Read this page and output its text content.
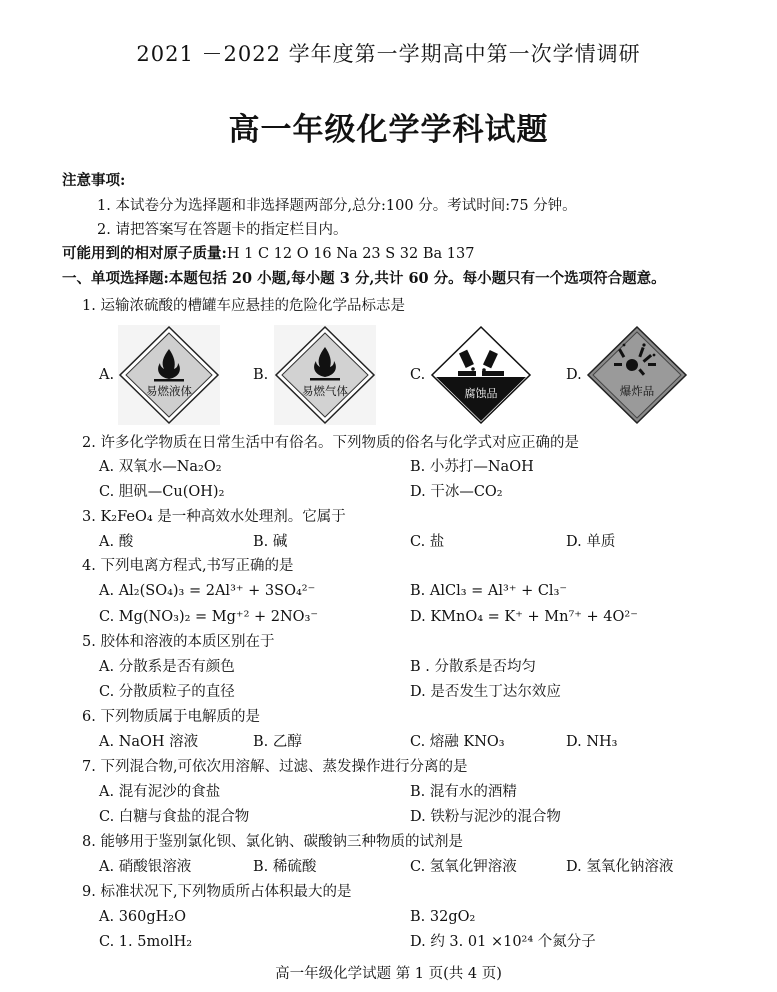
2021 －2022 学年度第一学期高中第一次学情调研
高一年级化学学科试题
注意事项:
1. 本试卷分为选择题和非选择题两部分,总分:100 分。考试时间:75 分钟。
2. 请把答案写在答题卡的指定栏目内。
可能用到的相对原子质量:H 1 C 12 O 16 Na 23 S 32 Ba 137
一、单项选择题:本题包括 20 小题,每小题 3 分,共计 60 分。每小题只有一个选项符合题意。
1. 运输浓硫酸的槽罐车应悬挂的危险化学品标志是
A.
易燃液体
B.
易燃气体
C.
腐蚀品
D.
爆炸品
2. 许多化学物质在日常生活中有俗名。下列物质的俗名与化学式对应正确的是
A. 双氧水—Na₂O₂	B. 小苏打—NaOH
C. 胆矾—Cu(OH)₂	D. 干冰—CO₂
3. K₂FeO₄ 是一种高效水处理剂。它属于
A. 酸	B. 碱	C. 盐	D. 单质
4. 下列电离方程式,书写正确的是
A. Al₂(SO₄)₃ = 2Al³⁺ + 3SO₄²⁻	B. AlCl₃ = Al³⁺ + Cl₃⁻
C. Mg(NO₃)₂ = Mg⁺² + 2NO₃⁻	D. KMnO₄ = K⁺ + Mn⁷⁺ + 4O²⁻
5. 胶体和溶液的本质区别在于
A. 分散系是否有颜色	B . 分散系是否均匀
C. 分散质粒子的直径	D. 是否发生丁达尔效应
6. 下列物质属于电解质的是
A. NaOH 溶液	B. 乙醇	C. 熔融 KNO₃	D. NH₃
7. 下列混合物,可依次用溶解、过滤、蒸发操作进行分离的是
A. 混有泥沙的食盐	B. 混有水的酒精
C. 白糖与食盐的混合物	D. 铁粉与泥沙的混合物
8. 能够用于鉴别氯化钡、氯化钠、碳酸钠三种物质的试剂是
A. 硝酸银溶液	B. 稀硫酸	C. 氢氧化钾溶液	D. 氢氧化钠溶液
9. 标准状况下,下列物质所占体积最大的是
A. 360gH₂O	B. 32gO₂
C. 1. 5molH₂	D. 约 3. 01 ×10²⁴ 个氮分子
高一年级化学试题 第 1 页(共 4 页)
